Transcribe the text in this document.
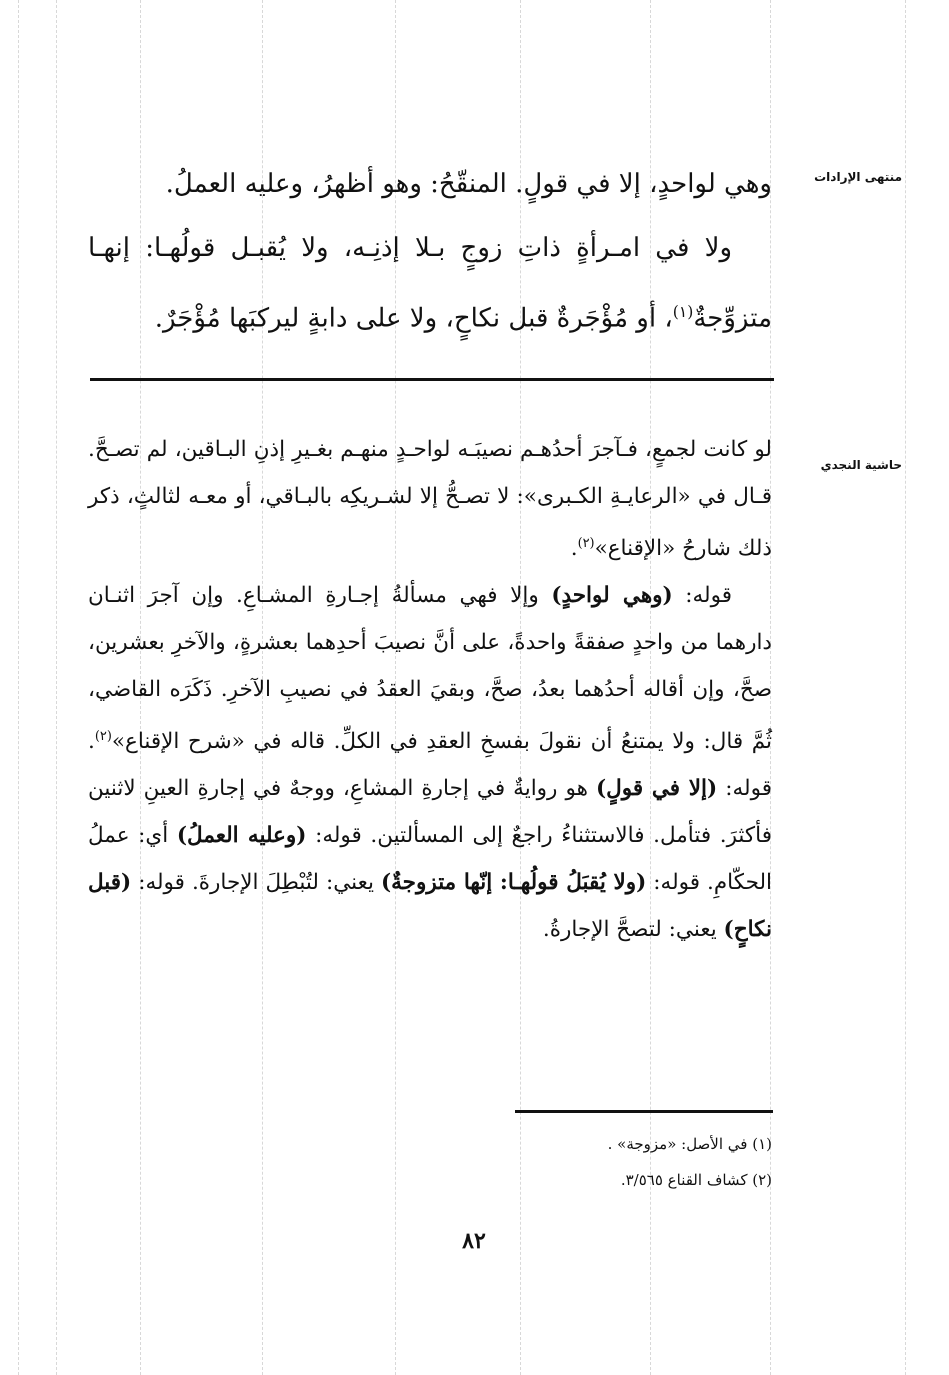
منتهى الإرادات
حاشية النجدي

وهي لواحدٍ، إلا في قولٍ. المنقّحُ: وهو أظهرُ، وعليه العملُ.

ولا في امـرأةٍ ذاتِ زوجٍ بـلا إذنِـه، ولا يُقبـل قولُهـا: إنهـا متزوِّجةٌ$^{(١)}$، أو مُؤْجَرةٌ قبل نكاحٍ، ولا على دابةٍ ليركبَها مُؤْجَرٌ.

لو كانت لجمعٍ، فـآجرَ أحدُهـم نصيبَـه لواحـدٍ منهـم بغـيرِ إذنِ البـاقين، لم تصـحَّ. قـال في «الرعايـةِ الكـبرى»: لا تصـحُّ إلا لشـريكِه بالبـاقي، أو معـه لثالثٍ، ذكر ذلك شارحُ «الإقناع»$^{(٢)}$.

قوله: (وهي لواحدٍ) وإلا فهي مسألةُ إجـارةِ المشـاعِ. وإن آجرَ اثنـان دارهما من واحدٍ صفقةً واحدةً، على أنَّ نصيبَ أحدِهما بعشرةٍ، والآخرِ بعشرين، صحَّ، وإن أقاله أحدُهما بعدُ، صحَّ، وبقيَ العقدُ في نصيبِ الآخرِ. ذَكَرَه القاضي، ثُمَّ قال: ولا يمتنعُ أن نقولَ بفسخِ العقدِ في الكلِّ. قاله في «شرح الإقناع»$^{(٢)}$. قوله: (إلا في قولٍ) هو روايةٌ في إجارةِ المشاعِ، ووجهٌ في إجارةِ العينِ لاثنين فأكثرَ. فتأمل. فالاستثناءُ راجعٌ إلى المسألتين. قوله: (وعليه العملُ) أي: عملُ الحكّامِ. قوله: (ولا يُقبَلُ قولُهـا: إنّها متزوجةٌ) يعني: لتُبْطِلَ الإجارةَ. قوله: (قبل نكاحٍ) يعني: لتصحَّ الإجارةُ.

(١) في الأصل: «مزوجة» .
(٢) كشاف القناع ٣/٥٦٥.
٨٢
